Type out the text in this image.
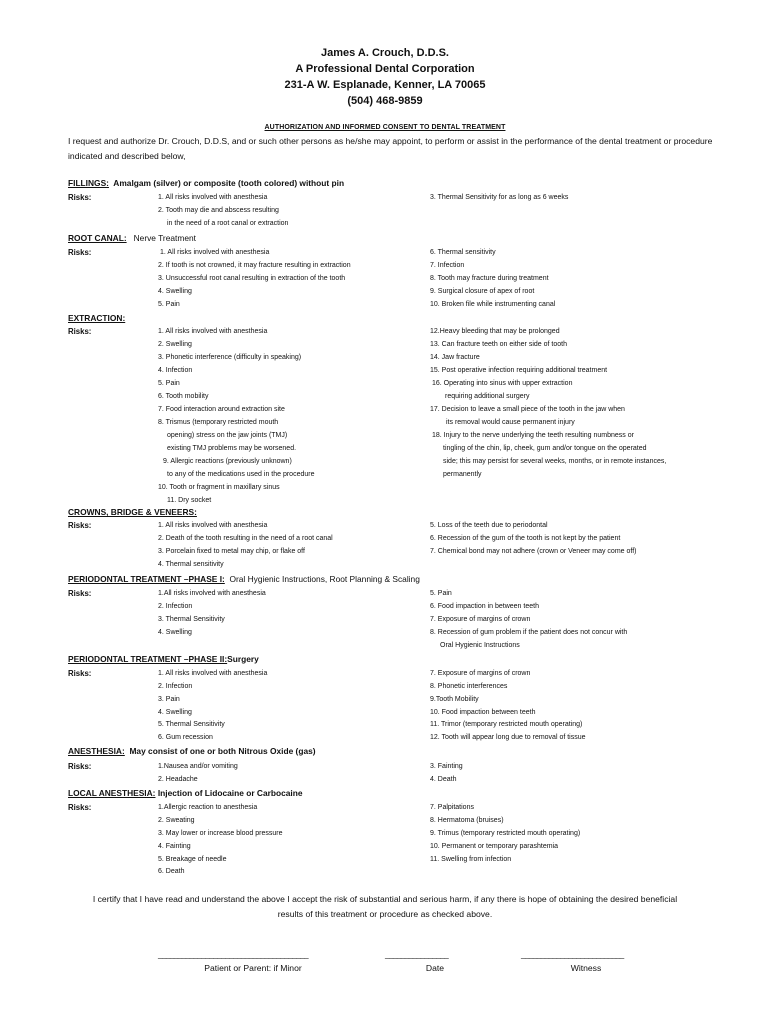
James A. Crouch, D.D.S.
A Professional Dental Corporation
231-A W. Esplanade, Kenner, LA 70065
(504) 468-9859
AUTHORIZATION AND INFORMED CONSENT TO DENTAL TREATMENT
I request and authorize Dr. Crouch, D.D.S, and or such other persons as he/she may appoint, to perform or assist in the performance of the dental treatment or procedure indicated and described below,
FILLINGS: Amalgam (silver) or composite (tooth colored) without pin
Risks:	1. All risks involved with anesthesia
2. Tooth may die and abscess resulting
in the need of a root canal or extraction
3. Thermal Sensitivity for as long as 6 weeks
ROOT CANAL: Nerve Treatment
Risks:	1. All risks involved with anesthesia
2. If tooth is not crowned, it may fracture resulting in extraction
3. Unsuccessful root canal resulting in extraction of the tooth
4. Swelling
5. Pain
6. Thermal sensitivity
7. Infection
8. Tooth may fracture during treatment
9. Surgical closure of apex of root
10. Broken file while instrumenting canal
EXTRACTION:
Risks:	1. All risks involved with anesthesia
2. Swelling
3. Phonetic interference (difficulty in speaking)
4. Infection
5. Pain
6. Tooth mobility
7. Food interaction around extraction site
8. Trismus (temporary restricted mouth
opening) stress on the jaw joints (TMJ)
existing TMJ problems may be worsened.
9. Allergic reactions (previously unknown)
to any of the medications used in the procedure
10. Tooth or fragment in maxillary sinus
11. Dry socket
12.Heavy bleeding that may be prolonged
13. Can fracture teeth on either side of tooth
14. Jaw fracture
15. Post operative infection requiring additional treatment
16. Operating into sinus with upper extraction
requiring additional surgery
17. Decision to leave a small piece of the tooth in the jaw when
its removal would cause permanent injury
18. Injury to the nerve underlying the teeth resulting numbness or
tingling of the chin, lip, cheek, gum and/or tongue on the operated
side; this may persist for several weeks, months, or in remote instances,
permanently
CROWNS, BRIDGE & VENEERS:
Risks:	1. All risks involved with anesthesia
2. Death of the tooth resulting in the need of a root canal
3. Porcelain fixed to metal may chip, or flake off
4. Thermal sensitivity
5. Loss of the teeth due to periodontal
6. Recession of the gum of the tooth is not kept by the patient
7. Chemical bond may not adhere (crown or Veneer may come off)
PERIODONTAL TREATMENT –PHASE I: Oral Hygienic Instructions, Root Planning & Scaling
Risks:	1.All risks involved with anesthesia
2. Infection
3. Thermal Sensitivity
4. Swelling
5. Pain
6. Food impaction in between teeth
7. Exposure of margins of crown
8. Recession of gum problem if the patient does not concur with
Oral Hygienic Instructions
PERIODONTAL TREATMENT –PHASE II:Surgery
Risks:	1. All risks involved with anesthesia
2. Infection
3. Pain
4. Swelling
5. Thermal Sensitivity
6. Gum recession
7. Exposure of margins of crown
8. Phonetic interferences
9.Tooth Mobility
10. Food impaction between teeth
11. Trimor (temporary restricted mouth operating)
12. Tooth will appear long due to removal of tissue
ANESTHESIA: May consist of one or both Nitrous Oxide (gas)
Risks:	1.Nausea and/or vomiting
2. Headache
3. Fainting
4. Death
LOCAL ANESTHESIA: Injection of Lidocaine or Carbocaine
Risks:	1.Allergic reaction to anesthesia
2. Sweating
3. May lower or increase blood pressure
4. Fainting
5. Breakage of needle
6. Death
7. Palpitations
8. Hermatoma (bruises)
9. Trimus (temporary restricted mouth operating)
10. Permanent or temporary parashtemia
11. Swelling from infection
I certify that I have read and understand the above I accept the risk of substantial and serious harm, if any there is hope of obtaining the desired beneficial results of this treatment or procedure as checked above.
______________________________________
Patient or Parent: if Minor
________________
Date
__________________________
Witness
